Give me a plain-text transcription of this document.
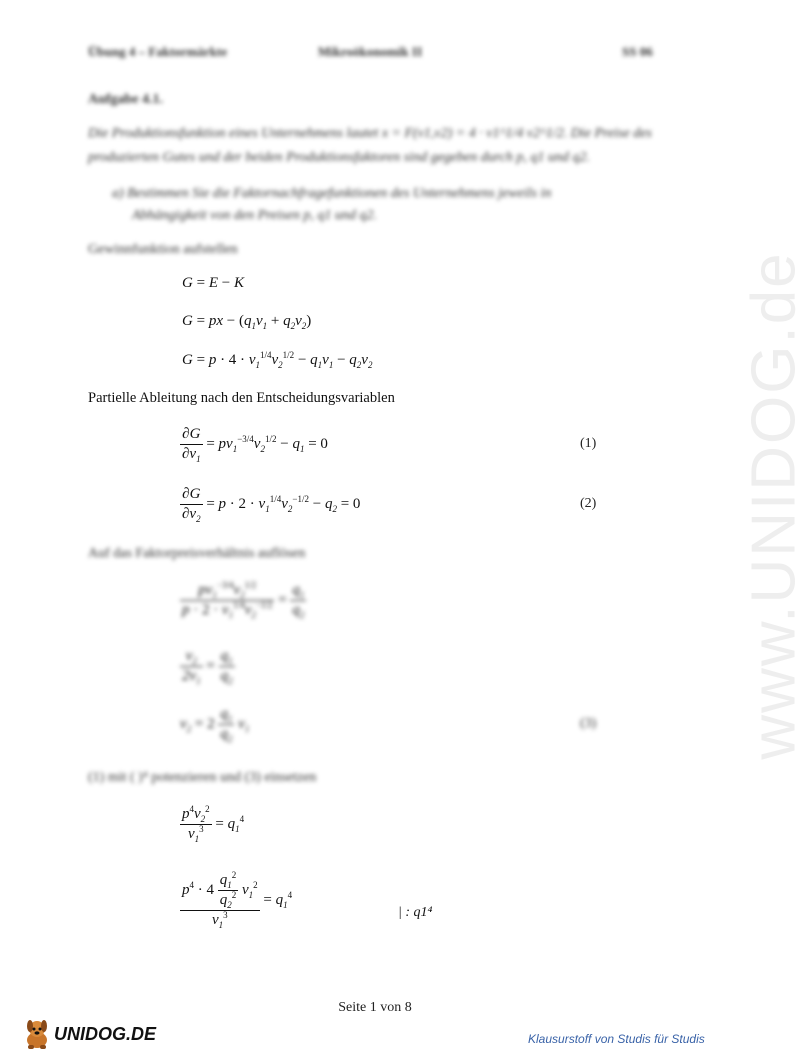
www.UNIDOG.de
Übung 4 – Faktormärkte	Mikroökonomik II	SS 06
Aufgabe 4.1.
Die Produktionsfunktion eines Unternehmens lautet x = F(v1,v2) = 4 · v1^1/4 v2^1/2. Die Preise des
produzierten Gutes und der beiden Produktionsfaktoren sind gegeben durch p, q1 und q2.
a) Bestimmen Sie die Faktornachfragefunktionen des Unternehmens jeweils in
Abhängigkeit von den Preisen p, q1 und q2.
Gewinnfunktion aufstellen
G = E − K
G = px − $(q_1v_1 + q_2v_2)$
$G = p \cdot 4 \cdot v_1^{1/4}v_2^{1/2} - q_1v_1 - q_2v_2$
Partielle Ableitung nach den Entscheidungsvariablen
$\frac{\partial G}{\partial v_1} = pv_1^{-3/4}v_2^{1/2} - q_1 = 0$	(1)
$\frac{\partial G}{\partial v_2} = p \cdot 2 \cdot v_1^{1/4}v_2^{-1/2} - q_2 = 0$	(2)
Auf das Faktorpreisverhältnis auflösen
$\frac{pv_1^{-3/4}v_2^{1/2}}{p \cdot 2 \cdot v_1^{1/4}v_2^{-1/2}} = \frac{q_1}{q_2}$
$\frac{v_2}{2v_1} = \frac{q_1}{q_2}$
$v_2 = 2 \frac{q_1}{q_2} v_1$	(3)
(1) mit ( )⁴ potenzieren und (3) einsetzen
$\frac{p^4v_2^2}{v_1^3} = q_1^4$
$\frac{p^4 \cdot 4 \frac{q_1^2}{q_2^2} v_1^2}{v_1^3} = q_1^4$
| : q1⁴
Seite 1 von 8
UNIDOG.DE	Klausurstoff von Studis für Studis
